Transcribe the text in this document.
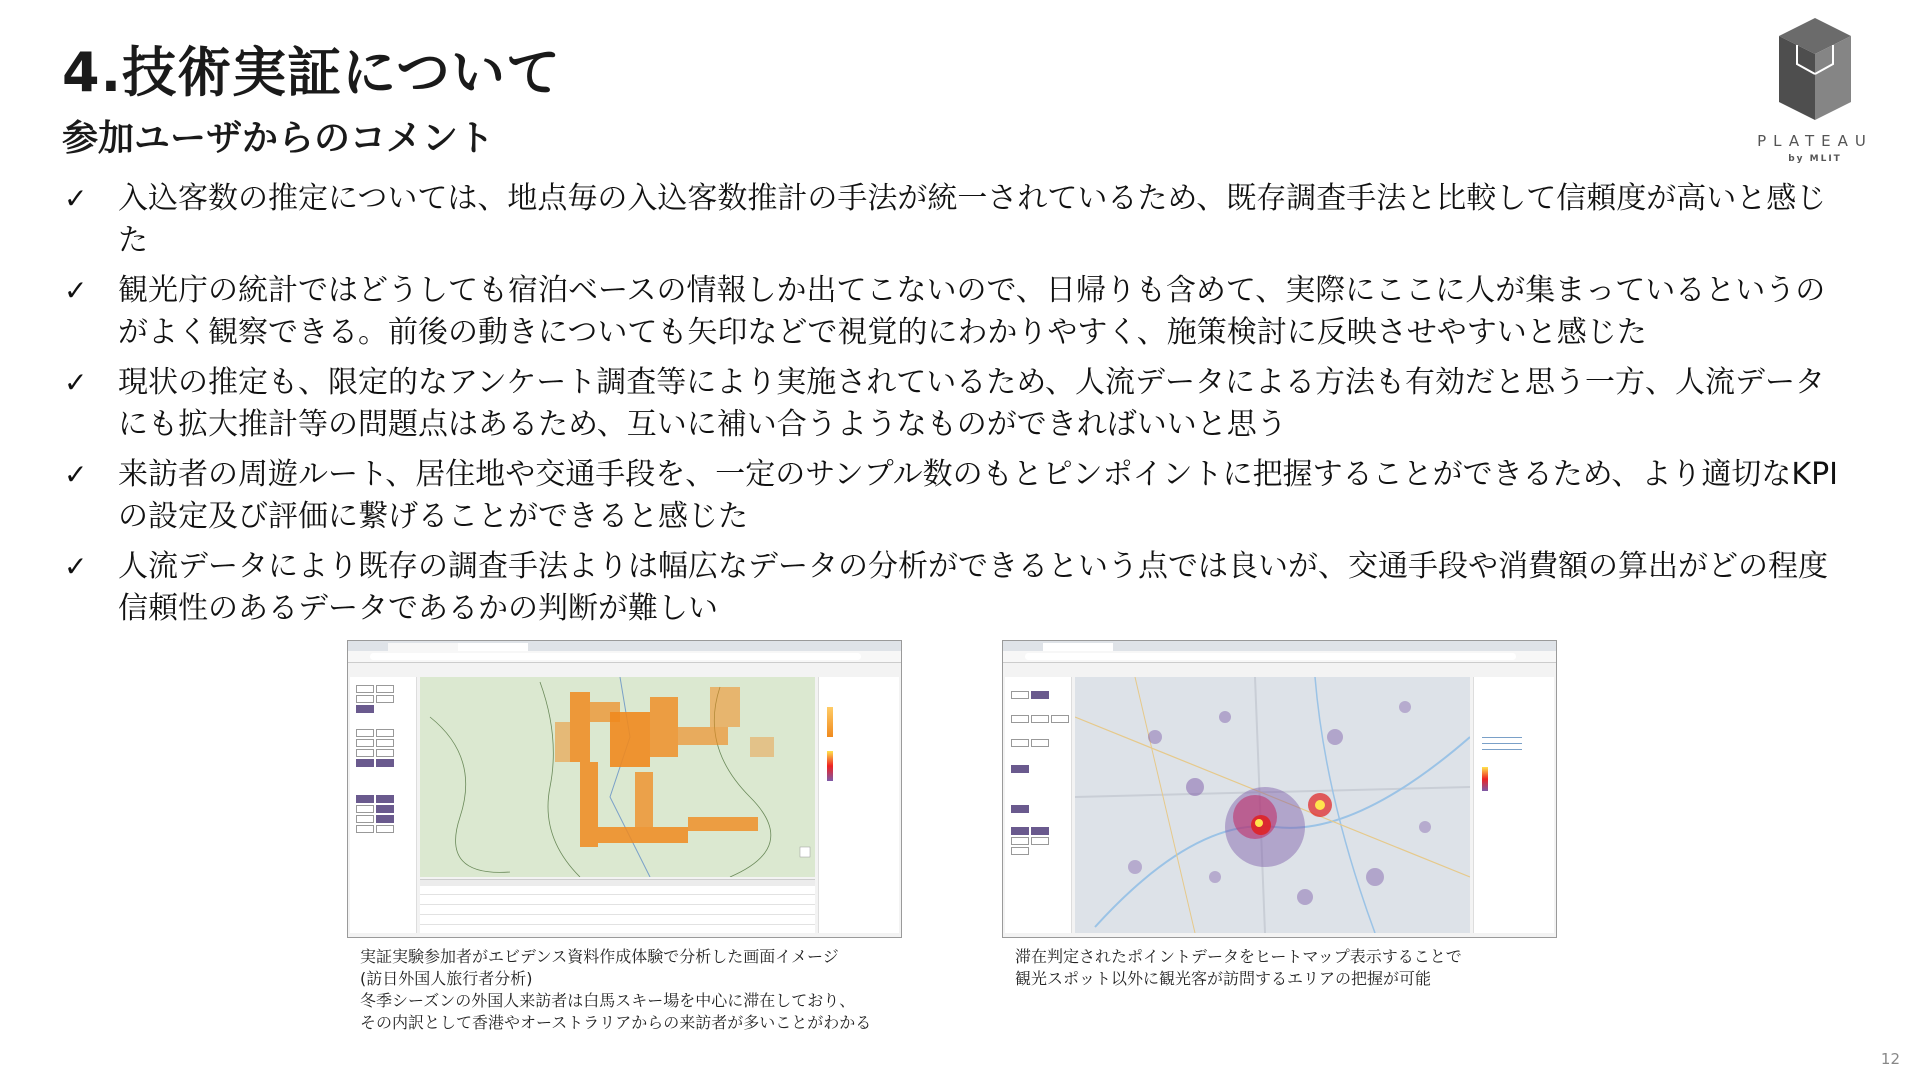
4.技術実証について
参加ユーザからのコメント	PLATEAU
by MLIT
✓	入込客数の推定については、地点毎の入込客数推計の手法が統一されているため、既存調査手法と比較して信頼度が高いと感じた
✓	観光庁の統計ではどうしても宿泊ベースの情報しか出てこないので、日帰りも含めて、実際にここに人が集まっているというのがよく観察できる。前後の動きについても矢印などで視覚的にわかりやすく、施策検討に反映させやすいと感じた
✓	現状の推定も、限定的なアンケート調査等により実施されているため、人流データによる方法も有効だと思う一方、人流データにも拡大推計等の問題点はあるため、互いに補い合うようなものができればいいと思う
✓	来訪者の周遊ルート、居住地や交通手段を、一定のサンプル数のもとピンポイントに把握することができるため、より適切なKPIの設定及び評価に繋げることができると感じた
✓	人流データにより既存の調査手法よりは幅広なデータの分析ができるという点では良いが、交通手段や消費額の算出がどの程度信頼性のあるデータであるかの判断が難しい
実証実験参加者がエビデンス資料作成体験で分析した画面イメージ
(訪日外国人旅行者分析)
冬季シーズンの外国人来訪者は白馬スキー場を中心に滞在しており、
その内訳として香港やオーストラリアからの来訪者が多いことがわかる
滞在判定されたポイントデータをヒートマップ表示することで
観光スポット以外に観光客が訪問するエリアの把握が可能
12
